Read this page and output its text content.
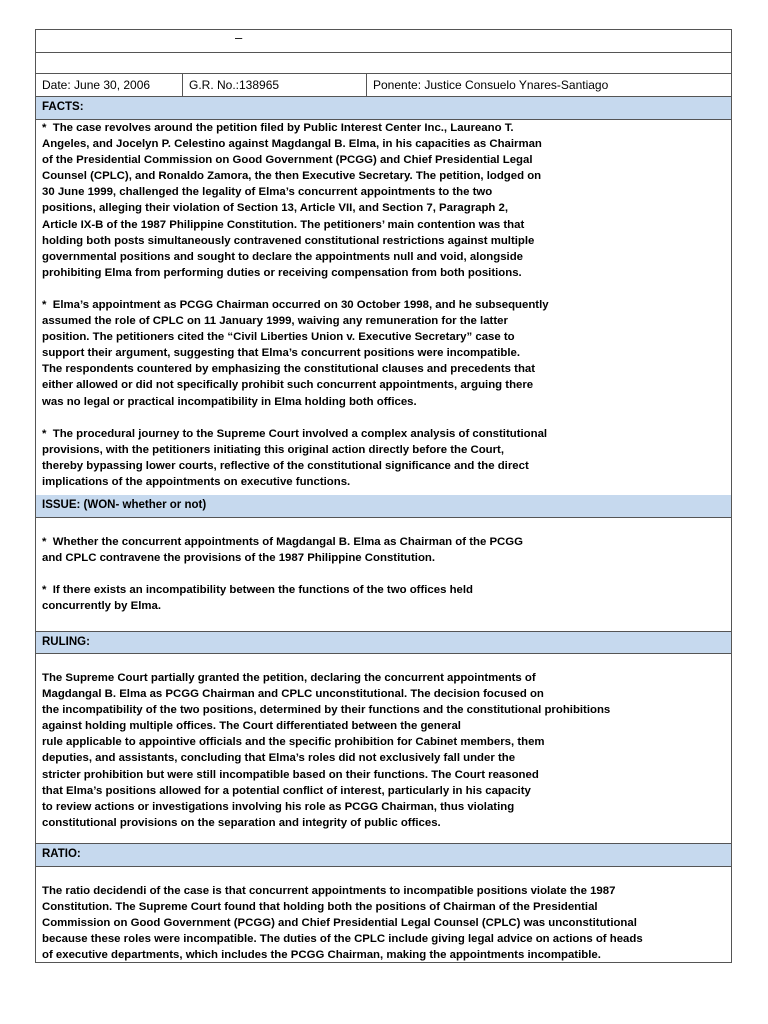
–
Date: June 30, 2006	G.R. No.:138965	Ponente: Justice Consuelo Ynares-Santiago
FACTS:

*  The case revolves around the petition filed by Public Interest Center Inc., Laureano T.
Angeles, and Jocelyn P. Celestino against Magdangal B. Elma, in his capacities as Chairman
of the Presidential Commission on Good Government (PCGG) and Chief Presidential Legal
Counsel (CPLC), and Ronaldo Zamora, the then Executive Secretary. The petition, lodged on
30 June 1999, challenged the legality of Elma’s concurrent appointments to the two
positions, alleging their violation of Section 13, Article VII, and Section 7, Paragraph 2,
Article IX-B of the 1987 Philippine Constitution. The petitioners’ main contention was that
holding both posts simultaneously contravened constitutional restrictions against multiple
governmental positions and sought to declare the appointments null and void, alongside
prohibiting Elma from performing duties or receiving compensation from both positions.

*  Elma’s appointment as PCGG Chairman occurred on 30 October 1998, and he subsequently
assumed the role of CPLC on 11 January 1999, waiving any remuneration for the latter
position. The petitioners cited the “Civil Liberties Union v. Executive Secretary” case to
support their argument, suggesting that Elma’s concurrent positions were incompatible.
The respondents countered by emphasizing the constitutional clauses and precedents that
either allowed or did not specifically prohibit such concurrent appointments, arguing there
was no legal or practical incompatibility in Elma holding both offices.

*  The procedural journey to the Supreme Court involved a complex analysis of constitutional
provisions, with the petitioners initiating this original action directly before the Court,
thereby bypassing lower courts, reflective of the constitutional significance and the direct
implications of the appointments on executive functions.

ISSUE: (WON- whether or not)

*  Whether the concurrent appointments of Magdangal B. Elma as Chairman of the PCGG
and CPLC contravene the provisions of the 1987 Philippine Constitution.

*  If there exists an incompatibility between the functions of the two offices held
concurrently by Elma.

RULING:

The Supreme Court partially granted the petition, declaring the concurrent appointments of
Magdangal B. Elma as PCGG Chairman and CPLC unconstitutional. The decision focused on
the incompatibility of the two positions, determined by their functions and the constitutional prohibitions
against holding multiple offices. The Court differentiated between the general
rule applicable to appointive officials and the specific prohibition for Cabinet members, them
deputies, and assistants, concluding that Elma’s roles did not exclusively fall under the
stricter prohibition but were still incompatible based on their functions. The Court reasoned
that Elma’s positions allowed for a potential conflict of interest, particularly in his capacity
to review actions or investigations involving his role as PCGG Chairman, thus violating
constitutional provisions on the separation and integrity of public offices.

RATIO:

The ratio decidendi of the case is that concurrent appointments to incompatible positions violate the 1987
Constitution. The Supreme Court found that holding both the positions of Chairman of the Presidential
Commission on Good Government (PCGG) and Chief Presidential Legal Counsel (CPLC) was unconstitutional
because these roles were incompatible. The duties of the CPLC include giving legal advice on actions of heads
of executive departments, which includes the PCGG Chairman, making the appointments incompatible.
